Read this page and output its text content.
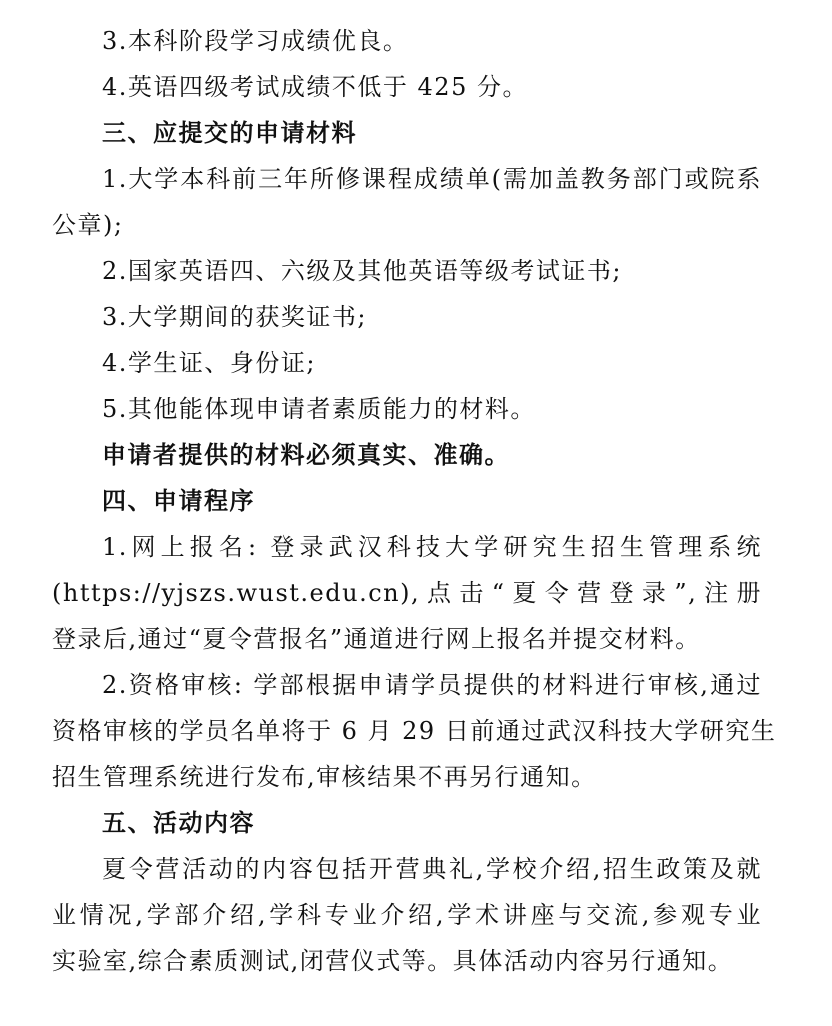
3.本科阶段学习成绩优良。
4.英语四级考试成绩不低于 425 分。
三、应提交的申请材料
1.大学本科前三年所修课程成绩单(需加盖教务部门或院系
公章);
2.国家英语四、六级及其他英语等级考试证书;
3.大学期间的获奖证书;
4.学生证、身份证;
5.其他能体现申请者素质能力的材料。
申请者提供的材料必须真实、准确。
四、申请程序
1.网上报名: 登录武汉科技大学研究生招生管理系统
(https://yjszs.wust.edu.cn),点击“夏令营登录”,注册
登录后,通过“夏令营报名”通道进行网上报名并提交材料。
2.资格审核: 学部根据申请学员提供的材料进行审核,通过
资格审核的学员名单将于 6 月 29 日前通过武汉科技大学研究生
招生管理系统进行发布,审核结果不再另行通知。
五、活动内容
夏令营活动的内容包括开营典礼,学校介绍,招生政策及就
业情况,学部介绍,学科专业介绍,学术讲座与交流,参观专业
实验室,综合素质测试,闭营仪式等。具体活动内容另行通知。
